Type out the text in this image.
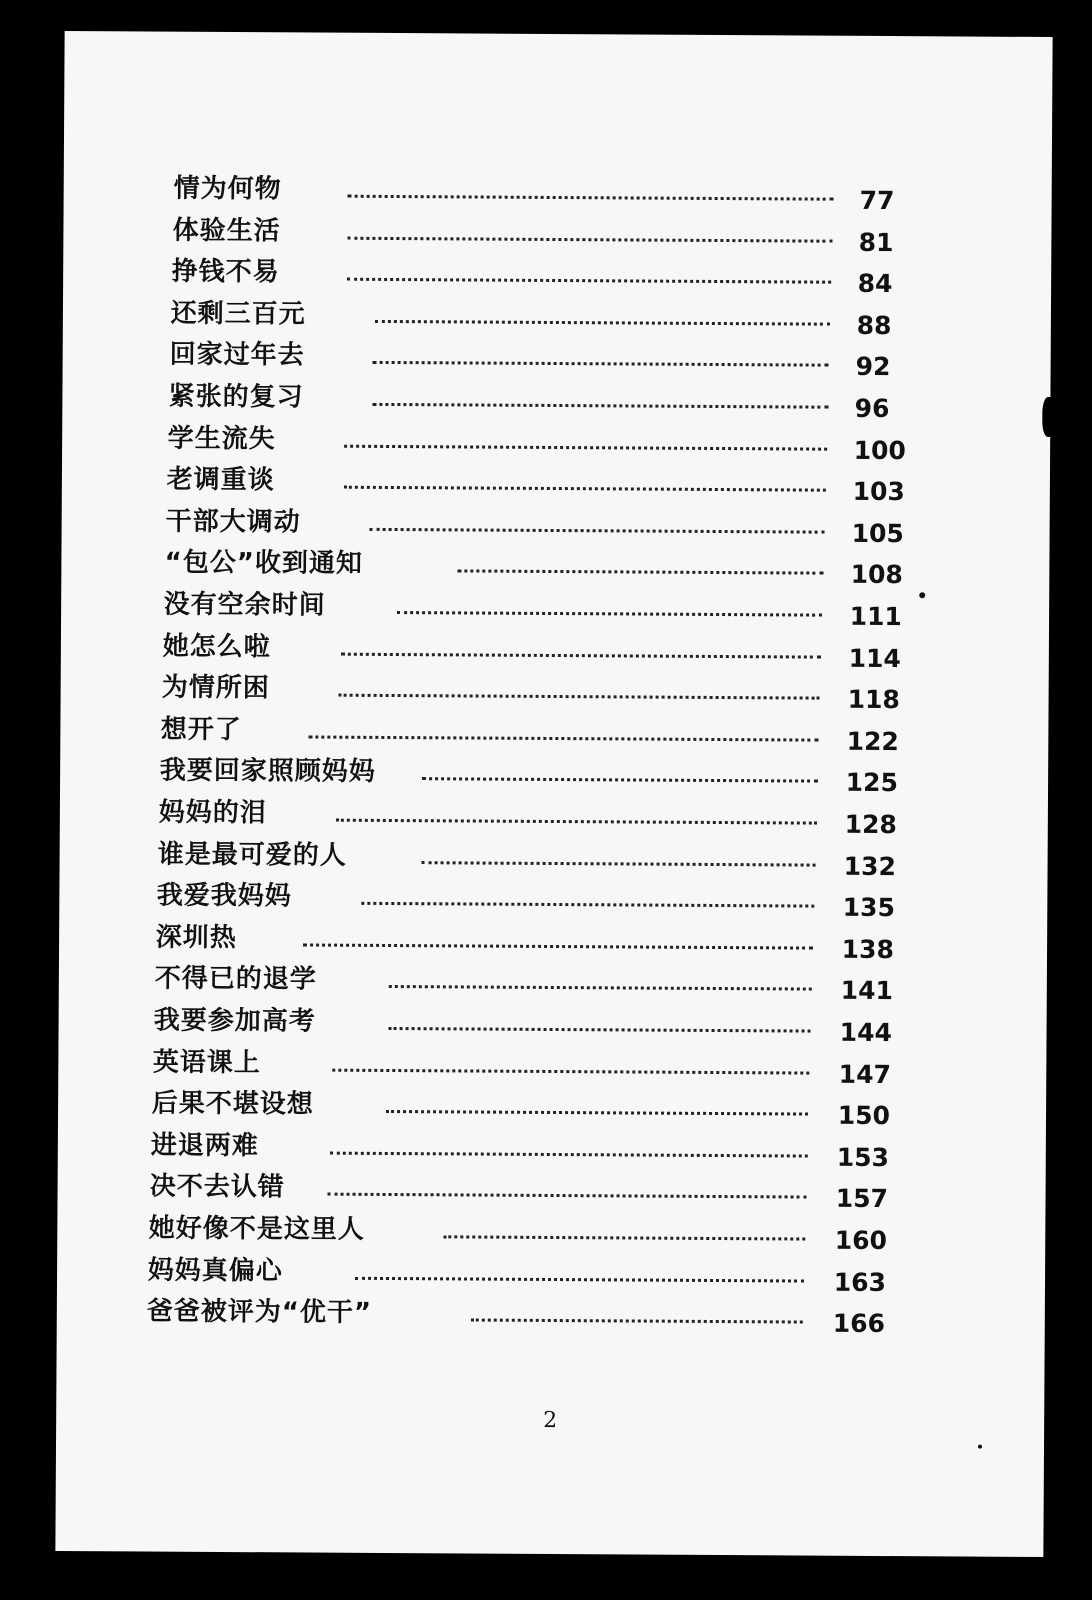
情为何物	77
体验生活	81
挣钱不易	84
还剩三百元	88
回家过年去	92
紧张的复习	96
学生流失	100
老调重谈	103
干部大调动	105
“包公”收到通知	108
没有空余时间	111
她怎么啦	114
为情所困	118
想开了	122
我要回家照顾妈妈	125
妈妈的泪	128
谁是最可爱的人	132
我爱我妈妈	135
深圳热	138
不得已的退学	141
我要参加高考	144
英语课上	147
后果不堪设想	150
进退两难	153
决不去认错	157
她好像不是这里人	160
妈妈真偏心	163
爸爸被评为“优干”	166
2
